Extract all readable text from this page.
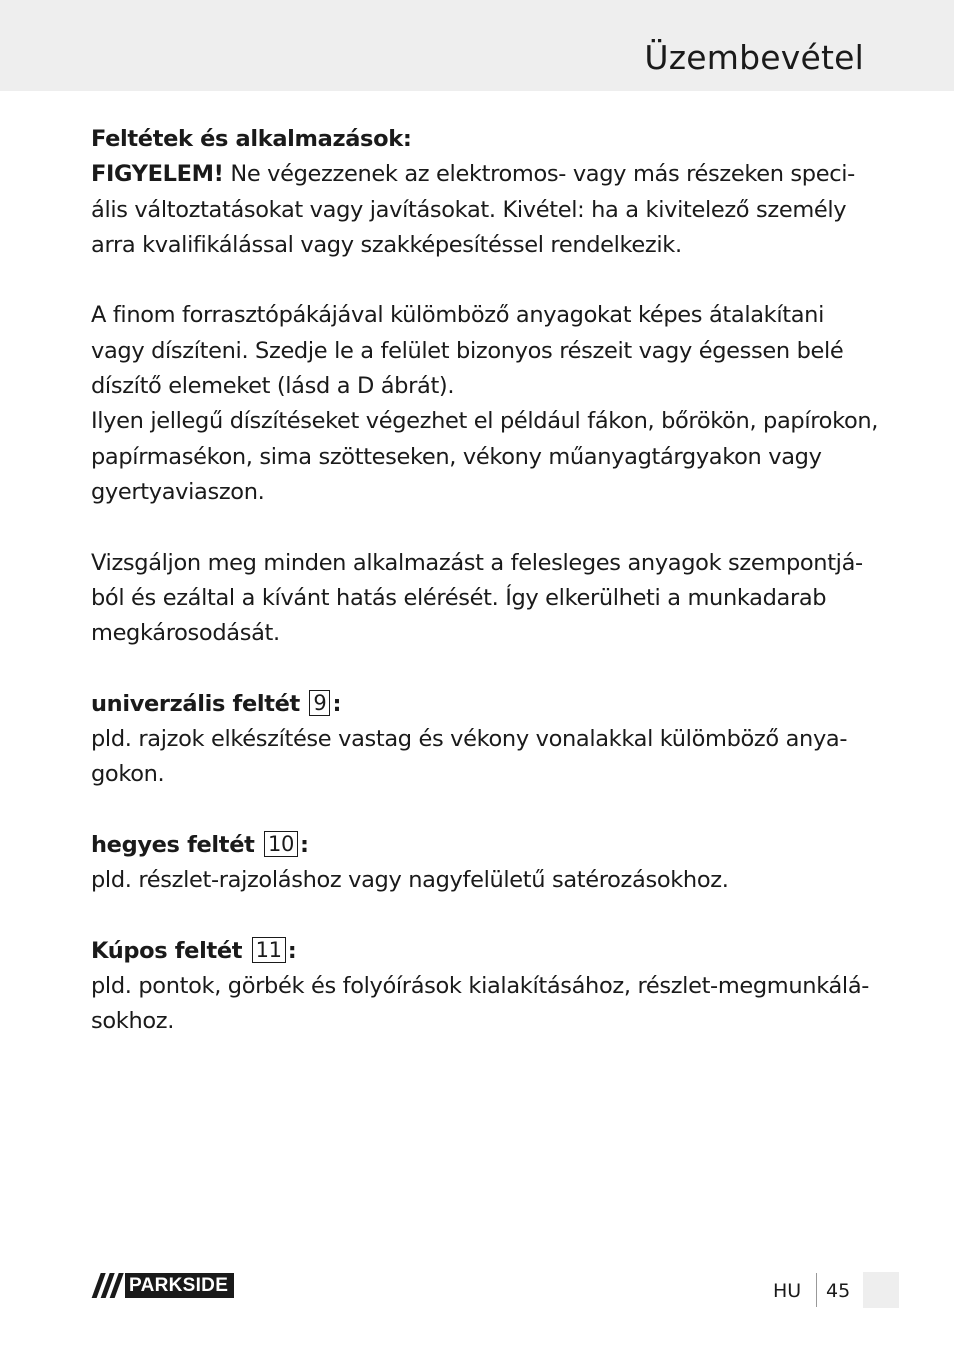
Üzembevétel
Feltétek és alkalmazások:
FIGYELEM! Ne végezzenek az elektromos- vagy más részeken speci-
ális változtatásokat vagy javításokat. Kivétel: ha a kivitelező személy
arra kvalifikálással vagy szakképesítéssel rendelkezik.
A finom forrasztópákájával külömböző anyagokat képes átalakítani
vagy díszíteni. Szedje le a felület bizonyos részeit vagy égessen belé
díszítő elemeket (lásd a D ábrát).
Ilyen jellegű díszítéseket végezhet el például fákon, bőrökön, papírokon,
papírmasékon, sima szötteseken, vékony műanyagtárgyakon vagy
gyertyaviaszon.
Vizsgáljon meg minden alkalmazást a felesleges anyagok szempontjá-
ból és ezáltal a kívánt hatás elérését. Így elkerülheti a munkadarab
megkárosodását.
univerzális feltét 9 :
pld. rajzok elkészítése vastag és vékony vonalakkal külömböző anya-
gokon.
hegyes feltét 10 :
pld. részlet-rajzoláshoz vagy nagyfelületű satérozásokhoz.
Kúpos feltét 11 :
pld. pontok, görbék és folyóírások kialakításához, részlet-megmunkálá-
sokhoz.
PARKSIDE	HU 45
